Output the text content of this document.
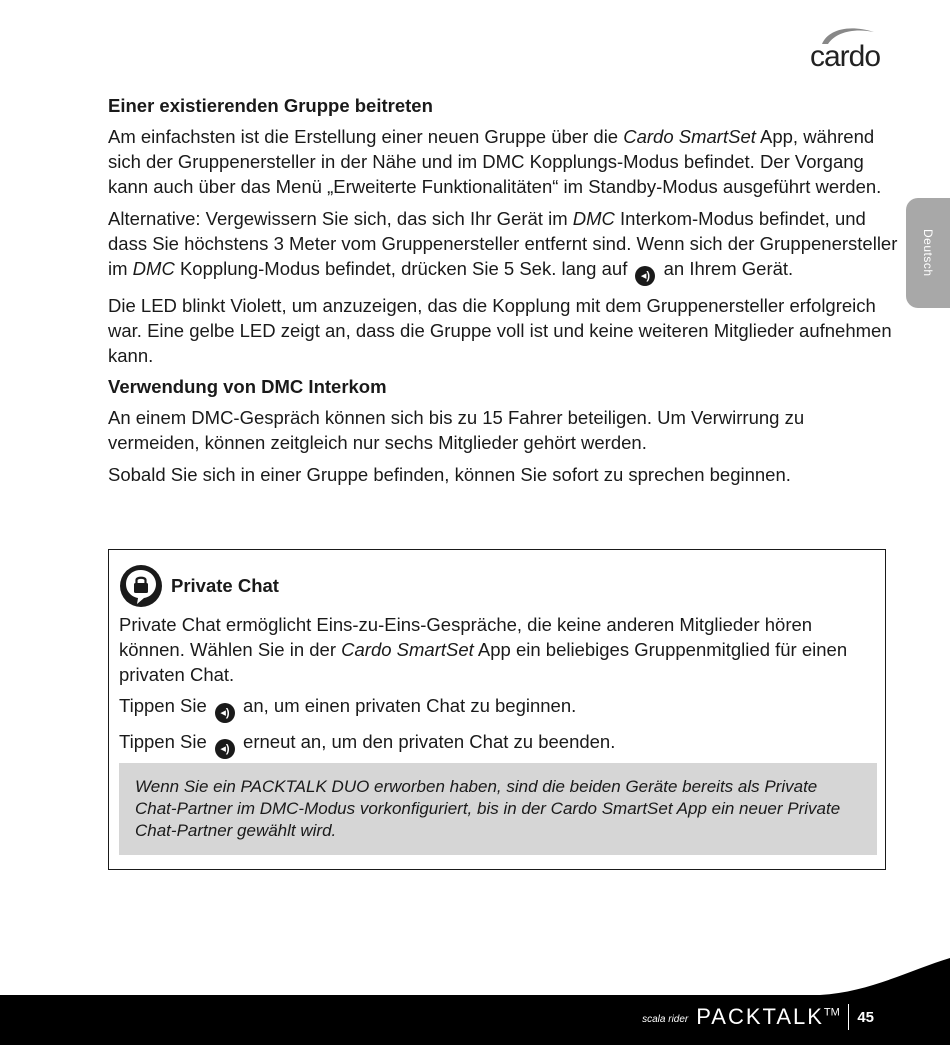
cardo
Deutsch
Einer existierenden Gruppe beitreten

Am einfachsten ist die Erstellung einer neuen Gruppe über die Cardo SmartSet App, während sich der Gruppenersteller in der Nähe und im DMC Kopplungs-Modus befindet. Der Vorgang kann auch über das Menü „Erweiterte Funktionalitäten“ im Standby-Modus ausgeführt werden.

Alternative: Vergewissern Sie sich, das sich Ihr Gerät im DMC Interkom-Modus befindet, und dass Sie höchstens 3 Meter vom Gruppenersteller entfernt sind. Wenn sich der Gruppenersteller im DMC Kopplung-Modus befindet, drücken Sie 5 Sek. lang auf ◂) an Ihrem Gerät.

Die LED blinkt Violett, um anzuzeigen, das die Kopplung mit dem Gruppenersteller erfolgreich war. Eine gelbe LED zeigt an, dass die Gruppe voll ist und keine weiteren Mitglieder aufnehmen kann.

Verwendung von DMC Interkom

An einem DMC-Gespräch können sich bis zu 15 Fahrer beteiligen. Um Verwirrung zu vermeiden, können zeitgleich nur sechs Mitglieder gehört werden.

Sobald Sie sich in einer Gruppe befinden, können Sie sofort zu sprechen beginnen.

Private Chat

Private Chat ermöglicht Eins-zu-Eins-Gespräche, die keine anderen Mitglieder hören können. Wählen Sie in der Cardo SmartSet App ein beliebiges Gruppenmitglied für einen privaten Chat.

Tippen Sie ◂) an, um einen privaten Chat zu beginnen.

Tippen Sie ◂) erneut an, um den privaten Chat zu beenden.

Wenn Sie ein PACKTALK DUO erworben haben, sind die beiden Geräte bereits als Private Chat-Partner im DMC-Modus vorkonfiguriert, bis in der Cardo SmartSet App ein neuer Private Chat-Partner gewählt wird.

scala rider PACKTALK™ 45
